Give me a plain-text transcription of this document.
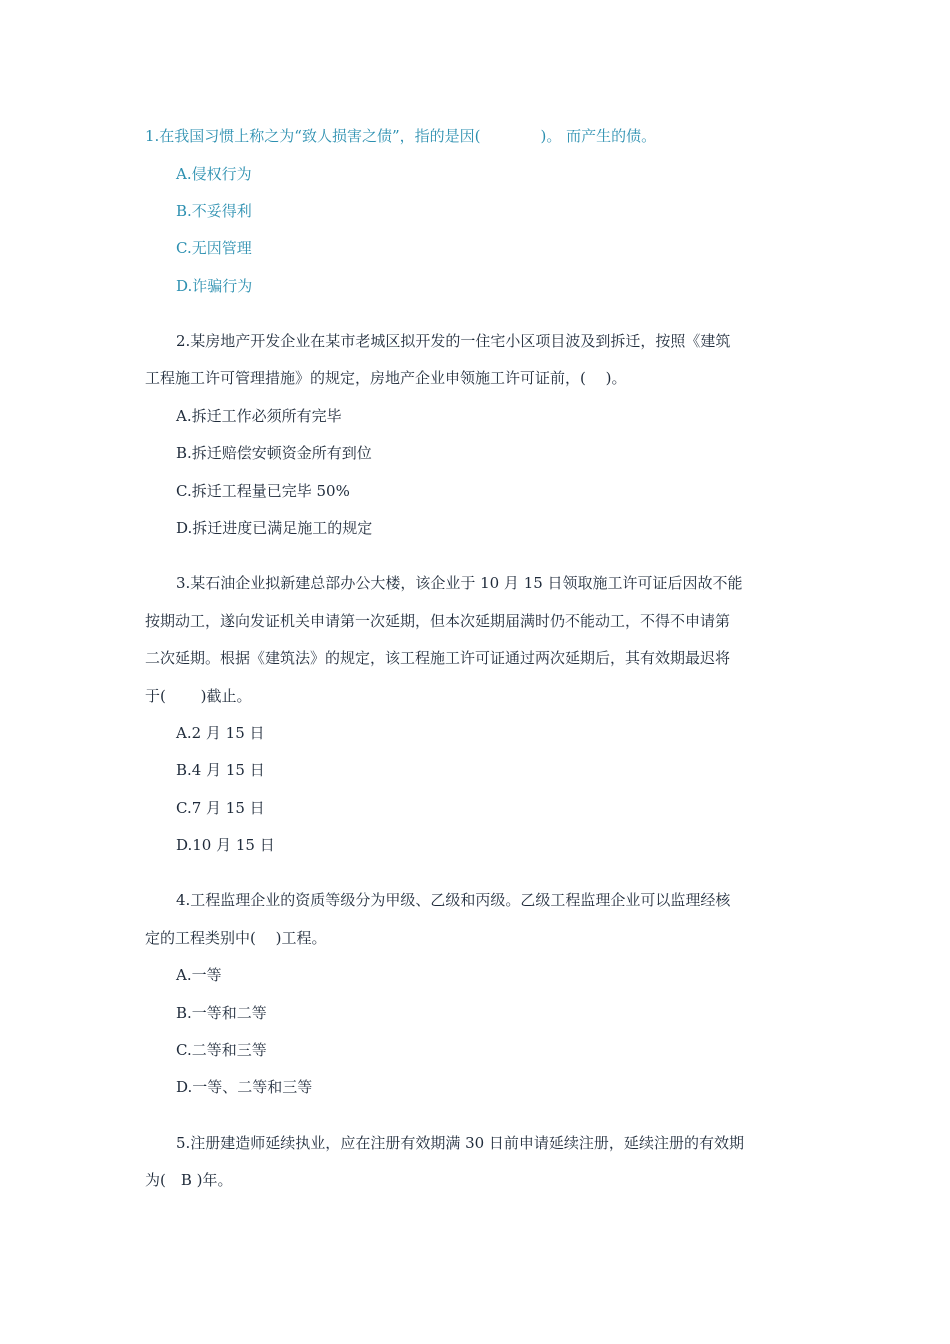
1.在我国习惯上称之为“致人损害之债”，指的是因(　　　　)。 而产生的债。
A.侵权行为
B.不妥得利
C.无因管理
D.诈骗行为
2.某房地产开发企业在某市老城区拟开发的一住宅小区项目波及到拆迁，按照《建筑
工程施工许可管理措施》的规定，房地产企业申领施工许可证前，(　 )。
A.拆迁工作必须所有完毕
B.拆迁赔偿安顿资金所有到位
C.拆迁工程量已完毕 50%
D.拆迁进度已满足施工的规定
3.某石油企业拟新建总部办公大楼，该企业于 10 月 15 日领取施工许可证后因故不能
按期动工，遂向发证机关申请第一次延期，但本次延期届满时仍不能动工，不得不申请第
二次延期。根据《建筑法》的规定，该工程施工许可证通过两次延期后，其有效期最迟将
于(　　 )截止。
A.2 月 15 日
B.4 月 15 日
C.7 月 15 日
D.10 月 15 日
4.工程监理企业的资质等级分为甲级、乙级和丙级。乙级工程监理企业可以监理经核
定的工程类别中(　 )工程。
A.一等
B.一等和二等
C.二等和三等
D.一等、二等和三等
5.注册建造师延续执业，应在注册有效期满 30 日前申请延续注册，延续注册的有效期
为(　B )年。
